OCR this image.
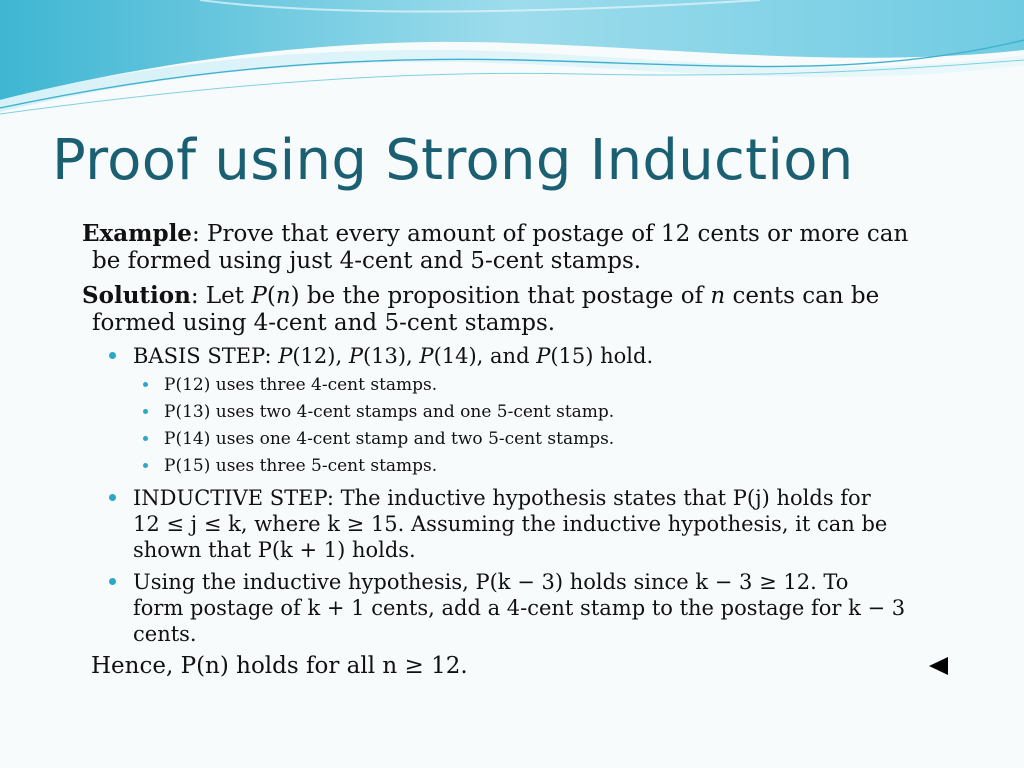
Proof using Strong Induction
Example: Prove that every amount of postage of 12 cents or more can
be formed using just 4-cent and 5-cent stamps.
Solution: Let P(n) be the proposition that postage of n cents can be
formed using 4-cent and 5-cent stamps.
BASIS STEP: P(12), P(13), P(14), and P(15) hold.
P(12) uses three 4-cent stamps.
P(13) uses two 4-cent stamps and one 5-cent stamp.
P(14) uses one 4-cent stamp and two 5-cent stamps.
P(15) uses three 5-cent stamps.
INDUCTIVE STEP: The inductive hypothesis states that P(j) holds for
12 ≤ j ≤ k, where k ≥ 15. Assuming the inductive hypothesis, it can be
shown that P(k + 1) holds.
Using the inductive hypothesis, P(k − 3) holds since k − 3 ≥ 12. To
form postage of k + 1 cents, add a 4-cent stamp to the postage for k − 3
cents.
Hence, P(n) holds for all n ≥ 12.
